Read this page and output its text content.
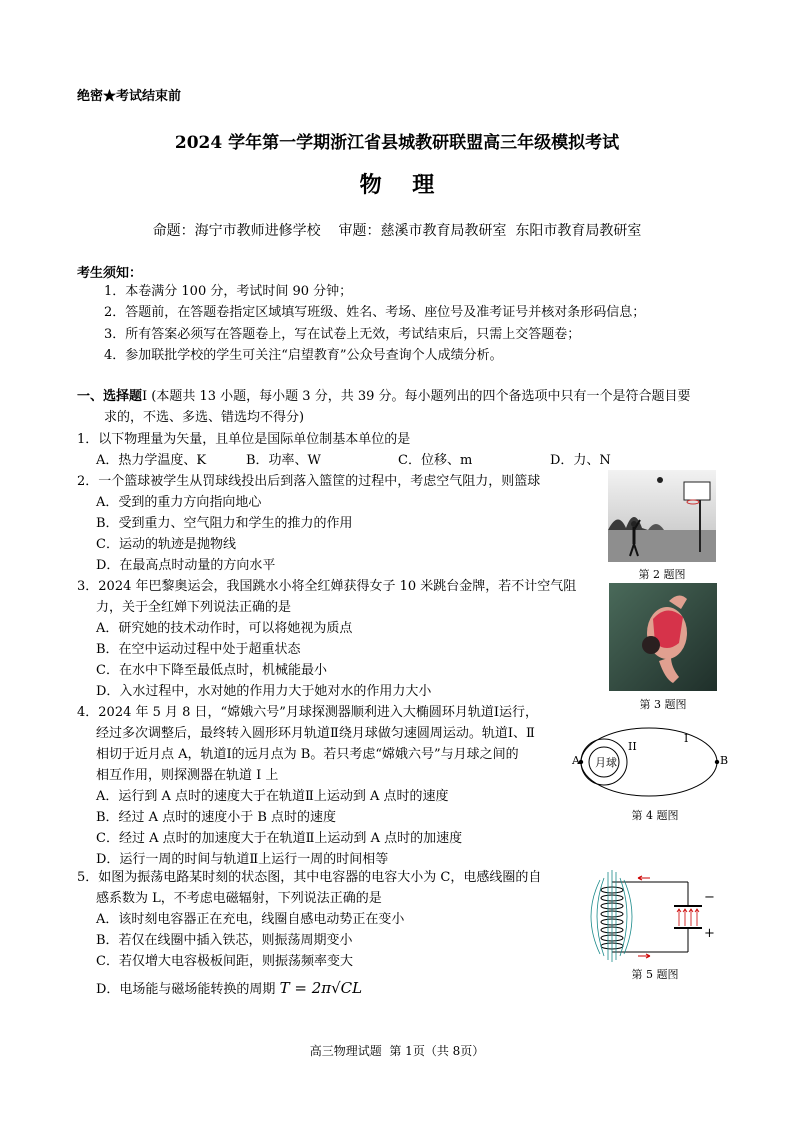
绝密★考试结束前
2024 学年第一学期浙江省县城教研联盟高三年级模拟考试
物    理
命题：海宁市教师进修学校    审题：慈溪市教育局教研室  东阳市教育局教研室
考生须知：
1．本卷满分 100 分，考试时间 90 分钟；
2．答题前，在答题卷指定区域填写班级、姓名、考场、座位号及准考证号并核对条形码信息；
3．所有答案必须写在答题卷上，写在试卷上无效，考试结束后，只需上交答题卷；
4．参加联批学校的学生可关注“启望教育”公众号查询个人成绩分析。
一、选择题I (本题共 13 小题，每小题 3 分，共 39 分。每小题列出的四个备选项中只有一个是符合题目要
求的，不选、多选、错选均不得分)
1．以下物理量为矢量，且单位是国际单位制基本单位的是
A．热力学温度、K	B．功率、W	C．位移、m	D．力、N
2．一个篮球被学生从罚球线投出后到落入篮筐的过程中，考虑空气阻力，则篮球
A．受到的重力方向指向地心
B．受到重力、空气阻力和学生的推力的作用
C．运动的轨迹是抛物线
D．在最高点时动量的方向水平
第 2 题图
3．2024 年巴黎奥运会，我国跳水小将全红婵获得女子 10 米跳台金牌，若不计空气阻
力，关于全红婵下列说法正确的是
A．研究她的技术动作时，可以将她视为质点
B．在空中运动过程中处于超重状态
C．在水中下降至最低点时，机械能最小
D．入水过程中，水对她的作用力大于她对水的作用力大小
第 3 题图
4．2024 年 5 月 8 日，“嫦娥六号”月球探测器顺利进入大椭圆环月轨道Ⅰ运行，
经过多次调整后，最终转入圆形环月轨道Ⅱ绕月球做匀速圆周运动。轨道Ⅰ、Ⅱ
相切于近月点 A，轨道Ⅰ的远月点为 B。若只考虑“嫦娥六号”与月球之间的
相互作用，则探测器在轨道 I 上
A．运行到 A 点时的速度大于在轨道Ⅱ上运动到 A 点时的速度
B．经过 A 点时的速度小于 B 点时的速度
C．经过 A 点时的加速度大于在轨道Ⅱ上运动到 A 点时的加速度
D．运行一周的时间与轨道Ⅱ上运行一周的时间相等
月球
A	B
I
II
第 4 题图
5．如图为振荡电路某时刻的状态图，其中电容器的电容大小为 C，电感线圈的自
感系数为 L，不考虑电磁辐射，下列说法正确的是
A．该时刻电容器正在充电，线圈自感电动势正在变小
B．若仅在线圈中插入铁芯，则振荡周期变小
C．若仅增大电容极板间距，则振荡频率变大
D．电场能与磁场能转换的周期 T = 2π√CL
−
+
第 5 题图
高三物理试题  第 1页（共 8页）
